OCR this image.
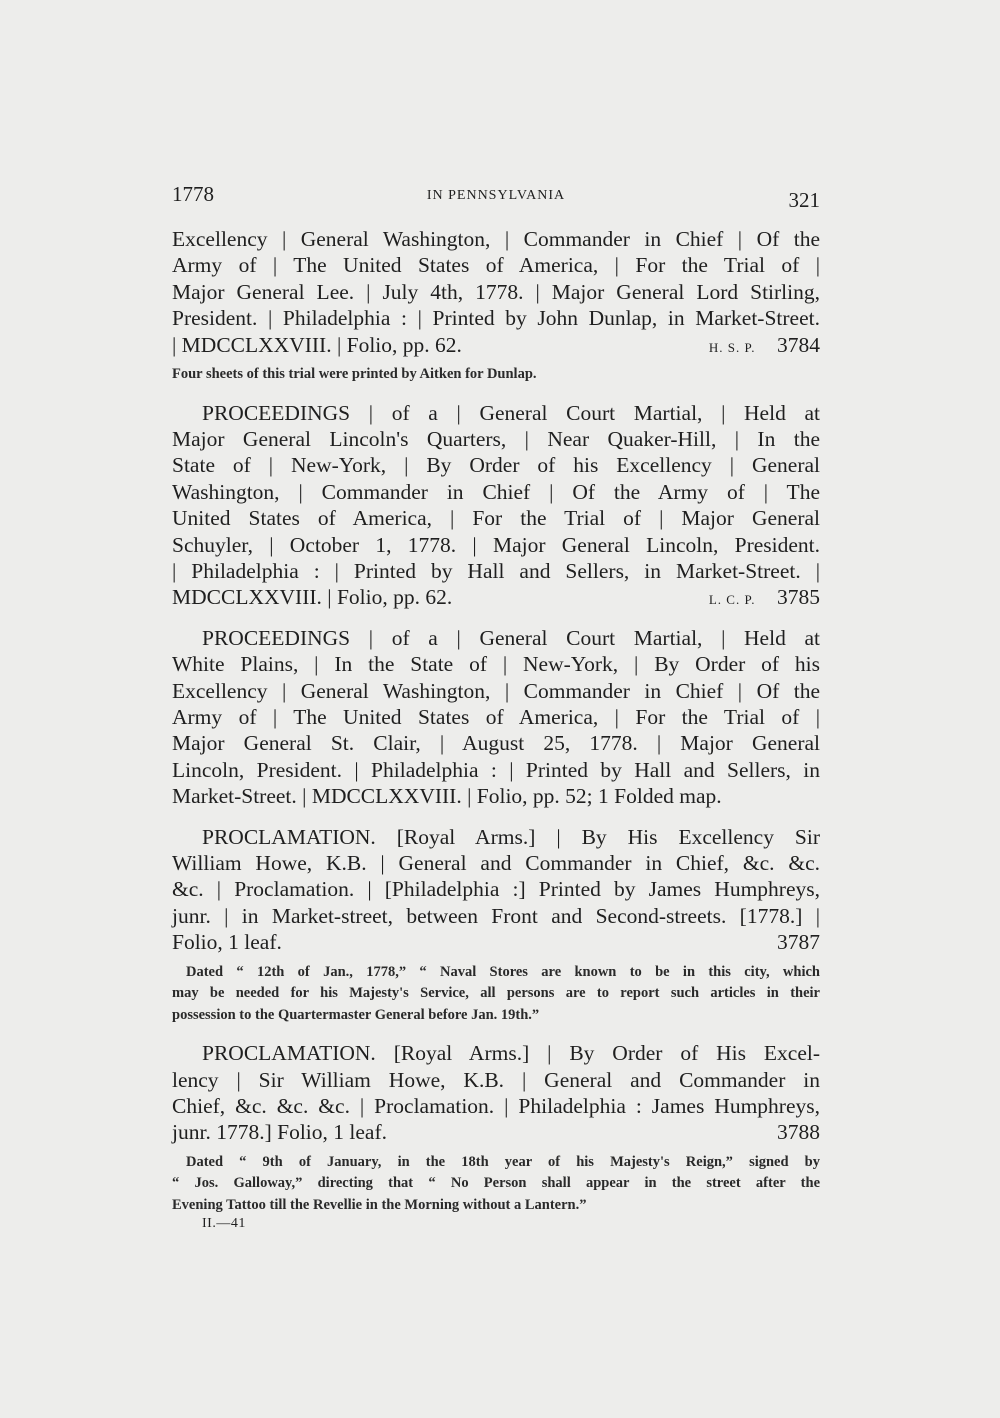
1778	IN PENNSYLVANIA	321
Excellency | General Washington, | Commander in Chief | Of the
Army of | The United States of America, | For the Trial of |
Major General Lee. | July 4th, 1778. | Major General Lord Stirling,
President. | Philadelphia : | Printed by John Dunlap, in Market-Street.
| MDCCLXXVIII. | Folio, pp. 62.	H. S. P. 3784
Four sheets of this trial were printed by Aitken for Dunlap.
PROCEEDINGS | of a | General Court Martial, | Held at
Major General Lincoln's Quarters, | Near Quaker-Hill, | In the
State of | New-York, | By Order of his Excellency | General
Washington, | Commander in Chief | Of the Army of | The
United States of America, | For the Trial of | Major General
Schuyler, | October 1, 1778. | Major General Lincoln, President.
| Philadelphia : | Printed by Hall and Sellers, in Market-Street. |
MDCCLXXVIII. | Folio, pp. 62.	L. C. P. 3785
PROCEEDINGS | of a | General Court Martial, | Held at
White Plains, | In the State of | New-York, | By Order of his
Excellency | General Washington, | Commander in Chief | Of the
Army of | The United States of America, | For the Trial of |
Major General St. Clair, | August 25, 1778. | Major General
Lincoln, President. | Philadelphia : | Printed by Hall and Sellers, in
Market-Street. | MDCCLXXVIII. | Folio, pp. 52; 1 Folded map.
PROCLAMATION. [Royal Arms.] | By His Excellency Sir
William Howe, K.B. | General and Commander in Chief, &c. &c.
&c. | Proclamation. | [Philadelphia :] Printed by James Humphreys,
junr. | in Market-street, between Front and Second-streets. [1778.] |
Folio, 1 leaf.	3787
Dated “ 12th of Jan., 1778,” “ Naval Stores are known to be in this city, which
may be needed for his Majesty's Service, all persons are to report such articles in their
possession to the Quartermaster General before Jan. 19th.”
PROCLAMATION. [Royal Arms.] | By Order of His Excel-
lency | Sir William Howe, K.B. | General and Commander in
Chief, &c. &c. &c. | Proclamation. | Philadelphia : James Humphreys,
junr. 1778.] Folio, 1 leaf.	3788
Dated “ 9th of January, in the 18th year of his Majesty's Reign,” signed by
“ Jos. Galloway,” directing that “ No Person shall appear in the street after the
Evening Tattoo till the Revellie in the Morning without a Lantern.”
II.—41
